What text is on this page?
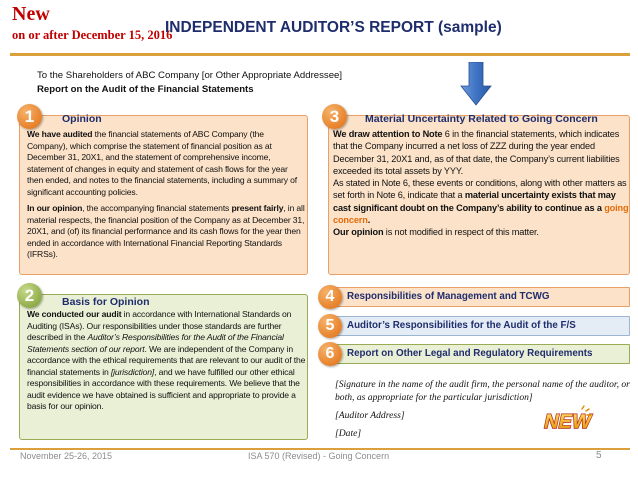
New
on or after December 15, 2016
INDEPENDENT AUDITOR’S REPORT (sample)
To the Shareholders of ABC Company [or Other Appropriate Addressee]
Report on the Audit of the Financial Statements
1	Opinion

We have audited the financial statements of ABC Company (the Company), which comprise the statement of financial position as at December 31, 20X1, and the statement of comprehensive income, statement of changes in equity and statement of cash flows for the year then ended, and notes to the financial statements, including a summary of significant accounting policies.

In our opinion, the accompanying financial statements present fairly, in all material respects, the financial position of the Company as at December 31, 20X1, and (of) its financial performance and its cash flows for the year then ended in accordance with International Financial Reporting Standards (IFRSs).

2	Basis for Opinion
We conducted our audit in accordance with International Standards on Auditing (ISAs). Our responsibilities under those standards are further described in the Auditor’s Responsibilities for the Audit of the Financial Statements section of our report. We are independent of the Company in accordance with the ethical requirements that are relevant to our audit of the financial statements in [jurisdiction], and we have fulfilled our other ethical responsibilities in accordance with these requirements. We believe that the audit evidence we have obtained is sufficient and appropriate to provide a basis for our opinion.
3	Material Uncertainty Related to Going Concern
We draw attention to Note 6 in the financial statements, which indicates that the Company incurred a net loss of ZZZ during the year ended December 31, 20X1 and, as of that date, the Company’s current liabilities exceeded its total assets by YYY.
As stated in Note 6, these events or conditions, along with other matters as set forth in Note 6, indicate that a material uncertainty exists that may cast significant doubt on the Company’s ability to continue as a going concern.
Our opinion is not modified in respect of this matter.
4	Responsibilities of Management and TCWG
5	Auditor’s Responsibilities for the Audit of the F/S
6	Report on Other Legal and Regulatory Requirements
[Signature in the name of the audit firm, the personal name of the auditor, or both, as appropriate for the particular jurisdiction]
[Auditor Address]
[Date]
NEW
November 25-26, 2015	ISA 570 (Revised) - Going Concern	5
